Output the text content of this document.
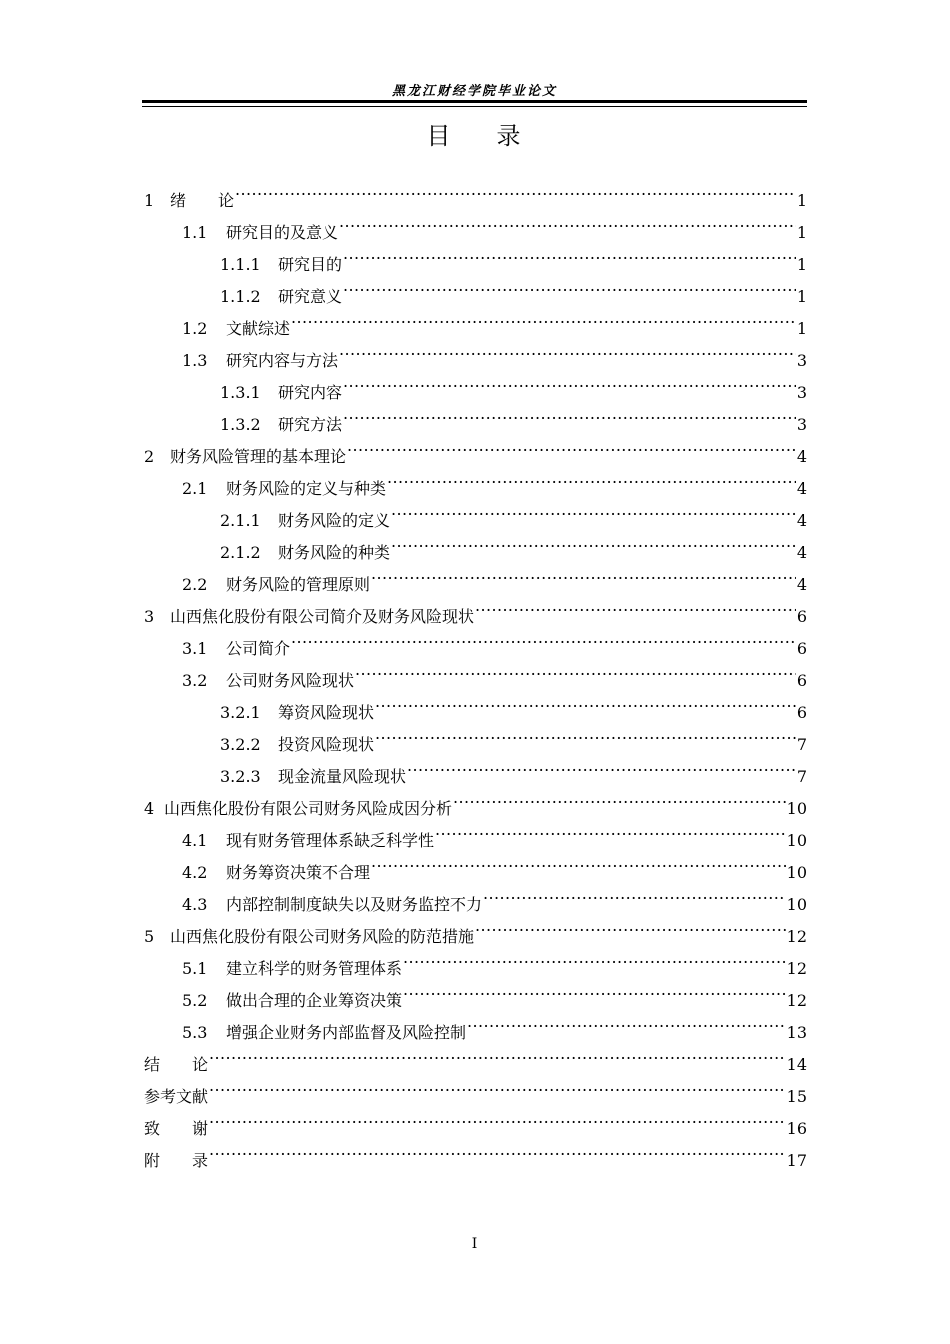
黑龙江财经学院毕业论文
目 录
1 绪　　论 .....	1
1.1	研究目的及意义 .....	1
1.1.1	研究目的 .....	1
1.1.2	研究意义 .....	1
1.2	文献综述 .....	1
1.3	研究内容与方法 .....	3
1.3.1	研究内容 .....	3
1.3.2	研究方法 .....	3
2 财务风险管理的基本理论 .....	4
2.1	财务风险的定义与种类 .....	4
2.1.1	财务风险的定义 .....	4
2.1.2	财务风险的种类 .....	4
2.2	财务风险的管理原则 .....	4
3 山西焦化股份有限公司简介及财务风险现状 .....	6
3.1	公司简介 .....	6
3.2	公司财务风险现状 .....	6
3.2.1	筹资风险现状 .....	6
3.2.2	投资风险现状 .....	7
3.2.3	现金流量风险现状 .....	7
4 山西焦化股份有限公司财务风险成因分析 .....	10
4.1	现有财务管理体系缺乏科学性 .....	10
4.2	财务筹资决策不合理 .....	10
4.3	内部控制制度缺失以及财务监控不力 .....	10
5 山西焦化股份有限公司财务风险的防范措施 .....	12
5.1	建立科学的财务管理体系 .....	12
5.2	做出合理的企业筹资决策 .....	12
5.3	增强企业财务内部监督及风险控制 .....	13
结　　论 .....	14
参考文献 .....	15
致　　谢 .....	16
附　　录 .....	17
I
